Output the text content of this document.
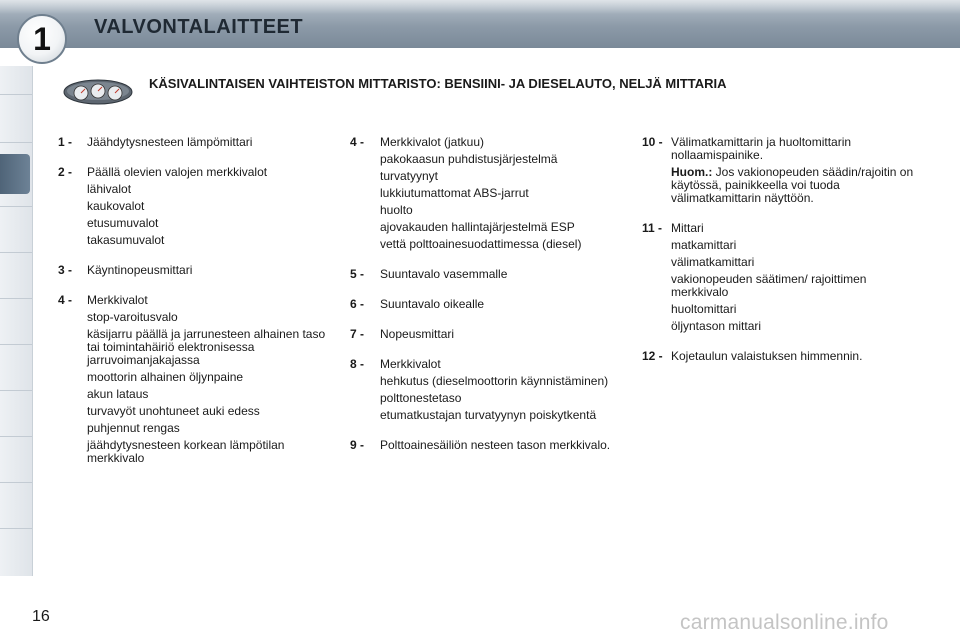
1	VALVONTALAITTEET
KÄSIVALINTAISEN VAIHTEISTON MITTARISTO: BENSIINI- JA DIESELAUTO, NELJÄ MITTARIA
1 -	Jäähdytysnesteen lämpömittari
2 -	Päällä olevien valojen merkkivalot
lähivalot
kaukovalot
etusumuvalot
takasumuvalot
3 -	Käyntinopeusmittari
4 -	Merkkivalot
stop-varoitusvalo
käsijarru päällä ja jarrunesteen alhainen taso tai toimintahäiriö elektronisessa jarruvoimanjakajassa
moottorin alhainen öljynpaine
akun lataus
turvavyöt unohtuneet auki edess
puhjennut rengas
jäähdytysnesteen korkean lämpötilan merkkivalo
4 -	Merkkivalot (jatkuu)
pakokaasun puhdistusjärjestelmä
turvatyynyt
lukkiutumattomat ABS-jarrut
huolto
ajovakauden hallintajärjestelmä ESP
vettä polttoainesuodattimessa (diesel)
5 -	Suuntavalo vasemmalle
6 -	Suuntavalo oikealle
7 -	Nopeusmittari
8 -	Merkkivalot
hehkutus (dieselmoottorin käynnistäminen)
polttonestetaso
etumatkustajan turvatyynyn poiskytkentä
9 -	Polttoainesäiliön nesteen tason merkkivalo.
10 - Välimatkamittarin ja huoltomittarin nollaamispainike.
Huom.: Jos vakionopeuden säädin/rajoitin on käytössä, painikkeella voi tuoda välimatkamittarin näyttöön.
11 - Mittari
matkamittari
välimatkamittari
vakionopeuden säätimen/ rajoittimen merkkivalo
huoltomittari
öljyntason mittari
12 - Kojetaulun valaistuksen himmennin.
16	carmanualsonline.info
